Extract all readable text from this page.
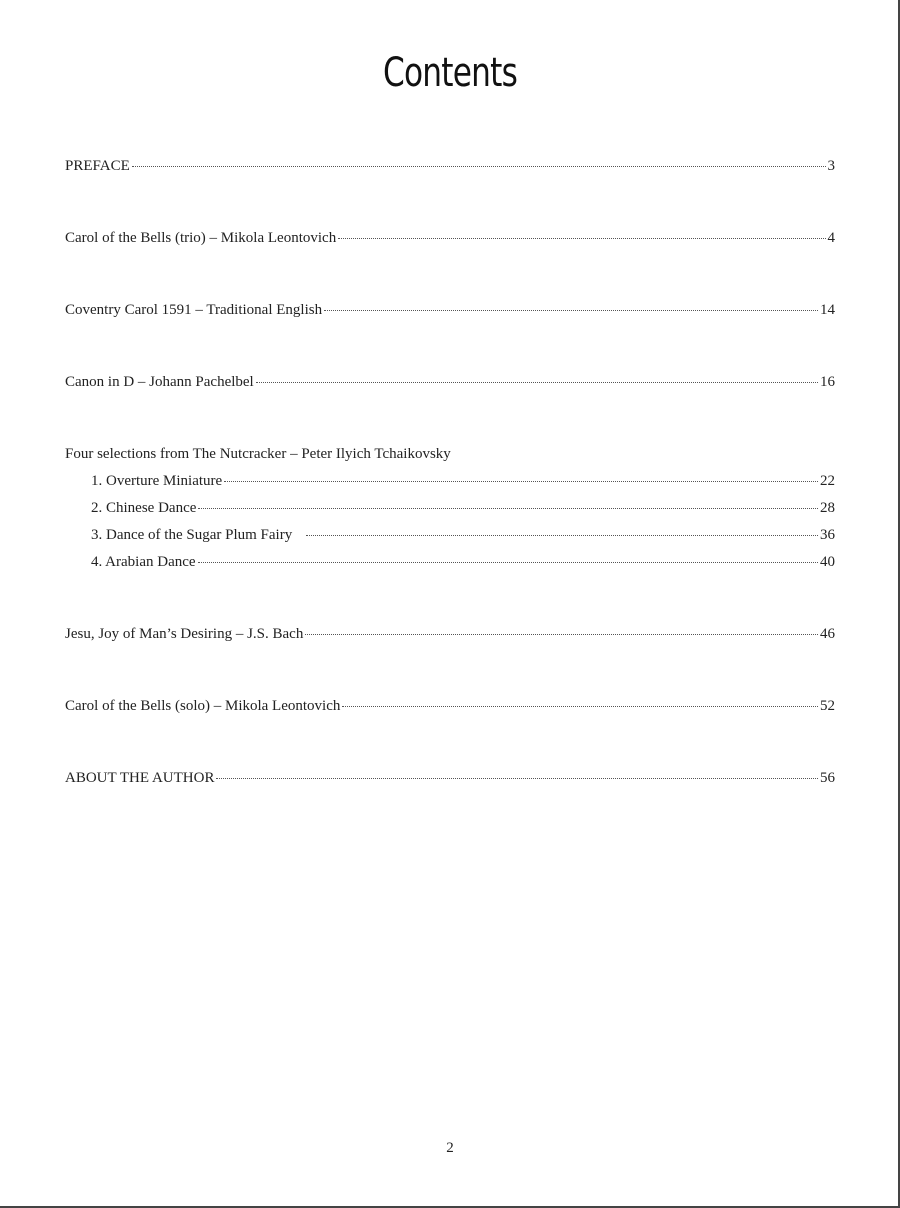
Contents
PREFACE	3
Carol of the Bells (trio) – Mikola Leontovich	4
Coventry Carol 1591 – Traditional English	14
Canon in D – Johann Pachelbel	16
Four selections from The Nutcracker – Peter Ilyich Tchaikovsky
1. Overture Miniature	22
2. Chinese Dance	28
3. Dance of the Sugar Plum Fairy	36
4. Arabian Dance	40
Jesu, Joy of Man’s Desiring – J.S. Bach	46
Carol of the Bells (solo) – Mikola Leontovich	52
ABOUT THE AUTHOR	56
2
